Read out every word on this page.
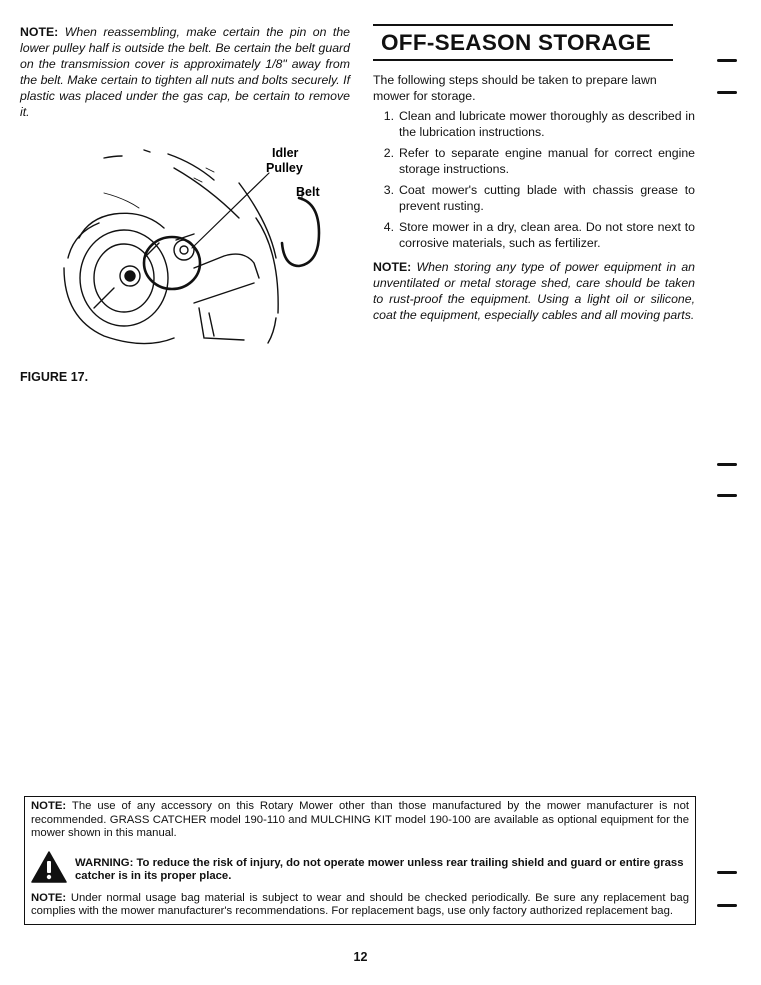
NOTE: When reassembling, make certain the pin on the lower pulley half is outside the belt. Be certain the belt guard on the transmission cover is approximately 1/8" away from the belt. Make certain to tighten all nuts and bolts securely. If plastic was placed under the gas cap, be certain to remove it.

Idler
Pulley
Belt
FIGURE 17.
OFF-SEASON STORAGE

The following steps should be taken to prepare lawn mower for storage.

1. Clean and lubricate mower thoroughly as described in the lubrication instructions.
2. Refer to separate engine manual for correct engine storage instructions.
3. Coat mower's cutting blade with chassis grease to prevent rusting.
4. Store mower in a dry, clean area. Do not store next to corrosive materials, such as fertilizer.

NOTE: When storing any type of power equipment in an unventilated or metal storage shed, care should be taken to rust-proof the equipment. Using a light oil or silicone, coat the equipment, especially cables and all moving parts.

NOTE: The use of any accessory on this Rotary Mower other than those manufactured by the mower manufacturer is not recommended. GRASS CATCHER model 190-110 and MULCHING KIT model 190-100 are available as optional equipment for the mower shown in this manual.

WARNING: To reduce the risk of injury, do not operate mower unless rear trailing shield and guard or entire grass catcher is in its proper place.

NOTE: Under normal usage bag material is subject to wear and should be checked periodically. Be sure any replacement bag complies with the mower manufacturer's recommendations. For replacement bags, use only factory authorized replacement bag.

12
